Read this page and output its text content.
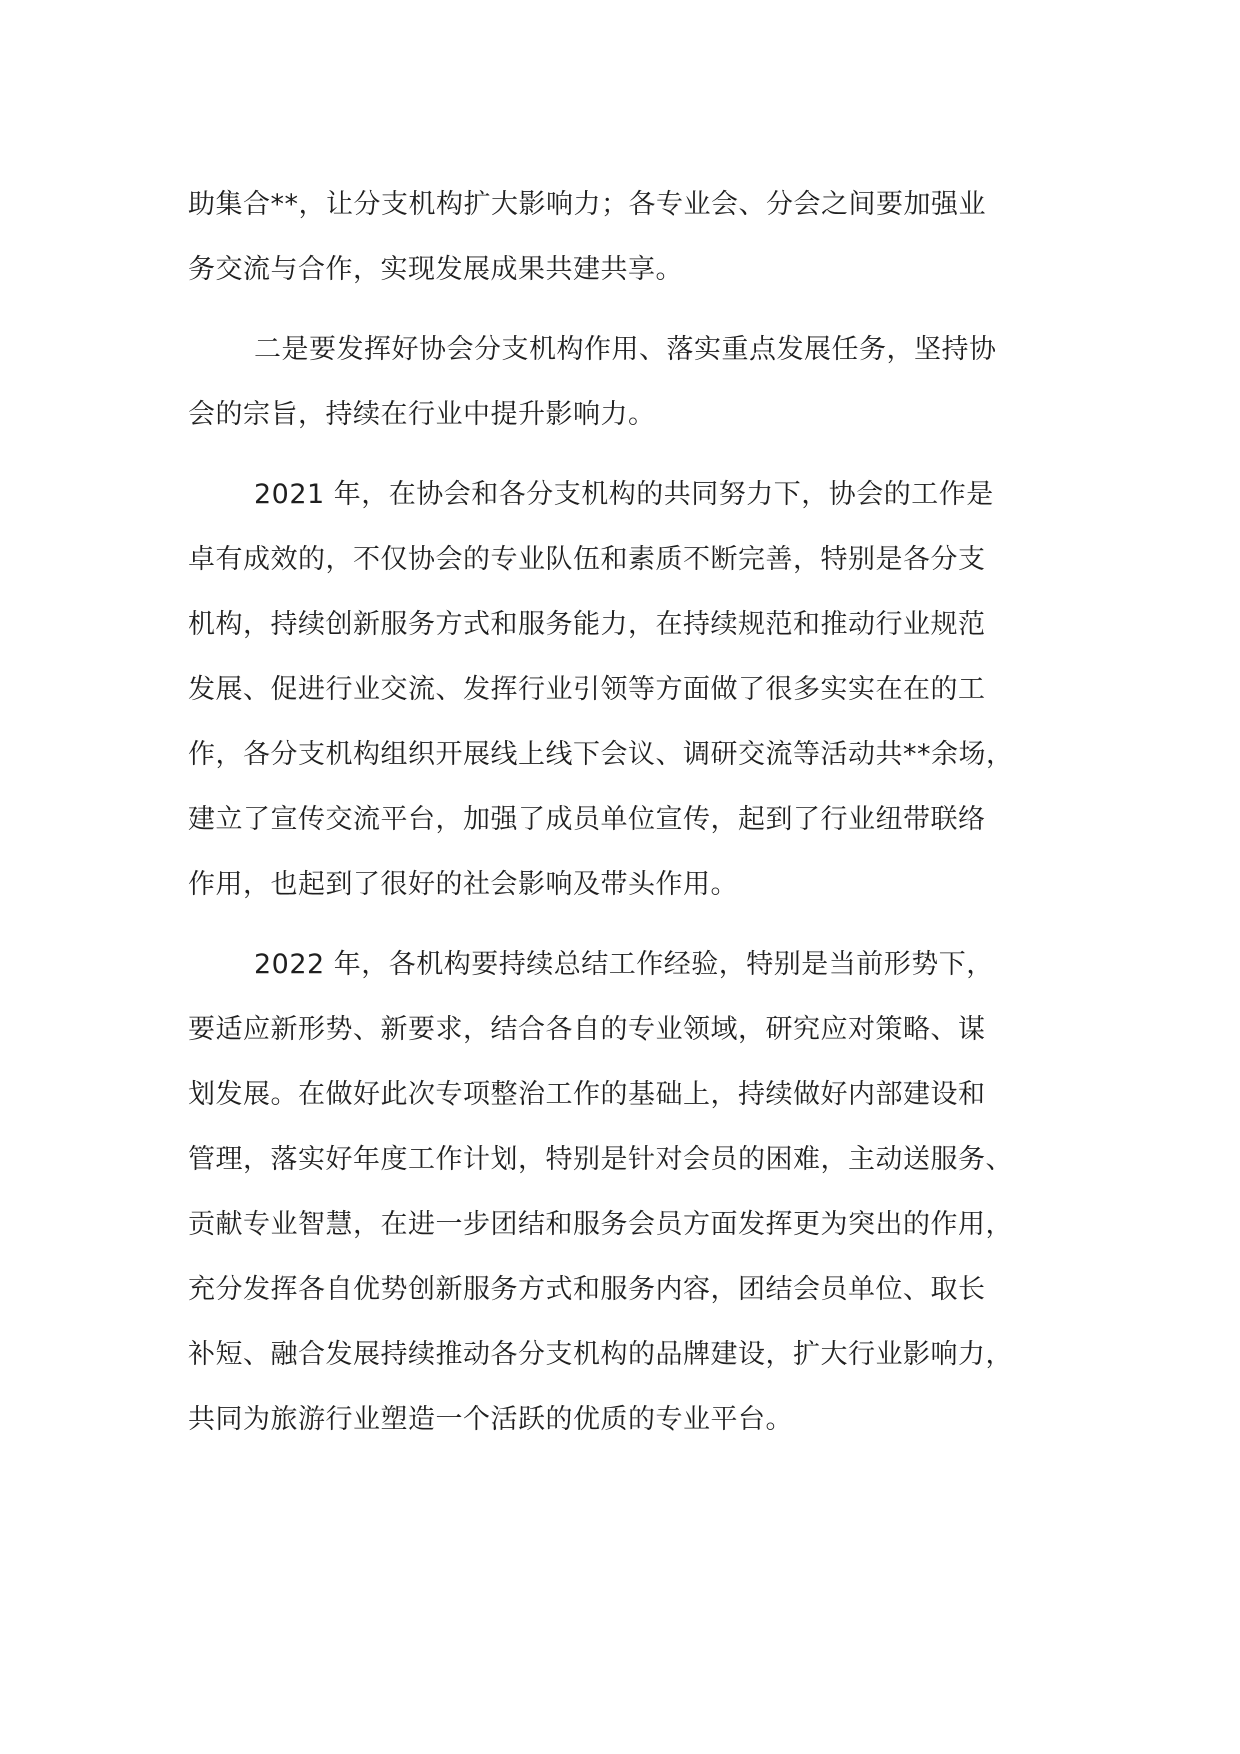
助集合**，让分支机构扩大影响力；各专业会、分会之间要加强业
务交流与合作，实现发展成果共建共享。

二是要发挥好协会分支机构作用、落实重点发展任务，坚持协
会的宗旨，持续在行业中提升影响力。

2021 年，在协会和各分支机构的共同努力下，协会的工作是
卓有成效的，不仅协会的专业队伍和素质不断完善，特别是各分支
机构，持续创新服务方式和服务能力，在持续规范和推动行业规范
发展、促进行业交流、发挥行业引领等方面做了很多实实在在的工
作，各分支机构组织开展线上线下会议、调研交流等活动共**余场，
建立了宣传交流平台，加强了成员单位宣传，起到了行业纽带联络
作用，也起到了很好的社会影响及带头作用。

2022 年，各机构要持续总结工作经验，特别是当前形势下，
要适应新形势、新要求，结合各自的专业领域，研究应对策略、谋
划发展。在做好此次专项整治工作的基础上，持续做好内部建设和
管理，落实好年度工作计划，特别是针对会员的困难，主动送服务、
贡献专业智慧，在进一步团结和服务会员方面发挥更为突出的作用，
充分发挥各自优势创新服务方式和服务内容，团结会员单位、取长
补短、融合发展持续推动各分支机构的品牌建设，扩大行业影响力，
共同为旅游行业塑造一个活跃的优质的专业平台。
